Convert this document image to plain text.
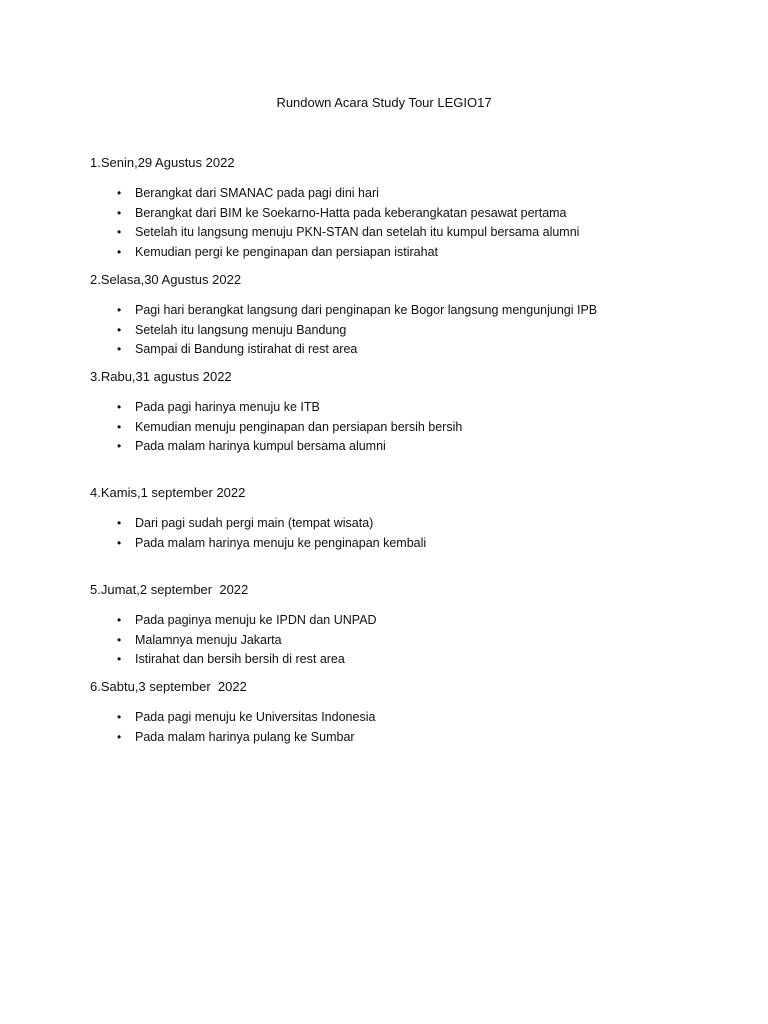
Rundown Acara Study Tour LEGIO17

1.Senin,29 Agustus 2022

• Berangkat dari SMANAC pada pagi dini hari
• Berangkat dari BIM ke Soekarno-Hatta pada keberangkatan pesawat pertama
• Setelah itu langsung menuju PKN-STAN dan setelah itu kumpul bersama alumni
• Kemudian pergi ke penginapan dan persiapan istirahat

2.Selasa,30 Agustus 2022

• Pagi hari berangkat langsung dari penginapan ke Bogor langsung mengunjungi IPB
• Setelah itu langsung menuju Bandung
• Sampai di Bandung istirahat di rest area

3.Rabu,31 agustus 2022

• Pada pagi harinya menuju ke ITB
• Kemudian menuju penginapan dan persiapan bersih bersih
• Pada malam harinya kumpul bersama alumni

4.Kamis,1 september 2022

• Dari pagi sudah pergi main (tempat wisata)
• Pada malam harinya menuju ke penginapan kembali

5.Jumat,2 september  2022

• Pada paginya menuju ke IPDN dan UNPAD
• Malamnya menuju Jakarta
• Istirahat dan bersih bersih di rest area

6.Sabtu,3 september  2022

• Pada pagi menuju ke Universitas Indonesia
• Pada malam harinya pulang ke Sumbar
